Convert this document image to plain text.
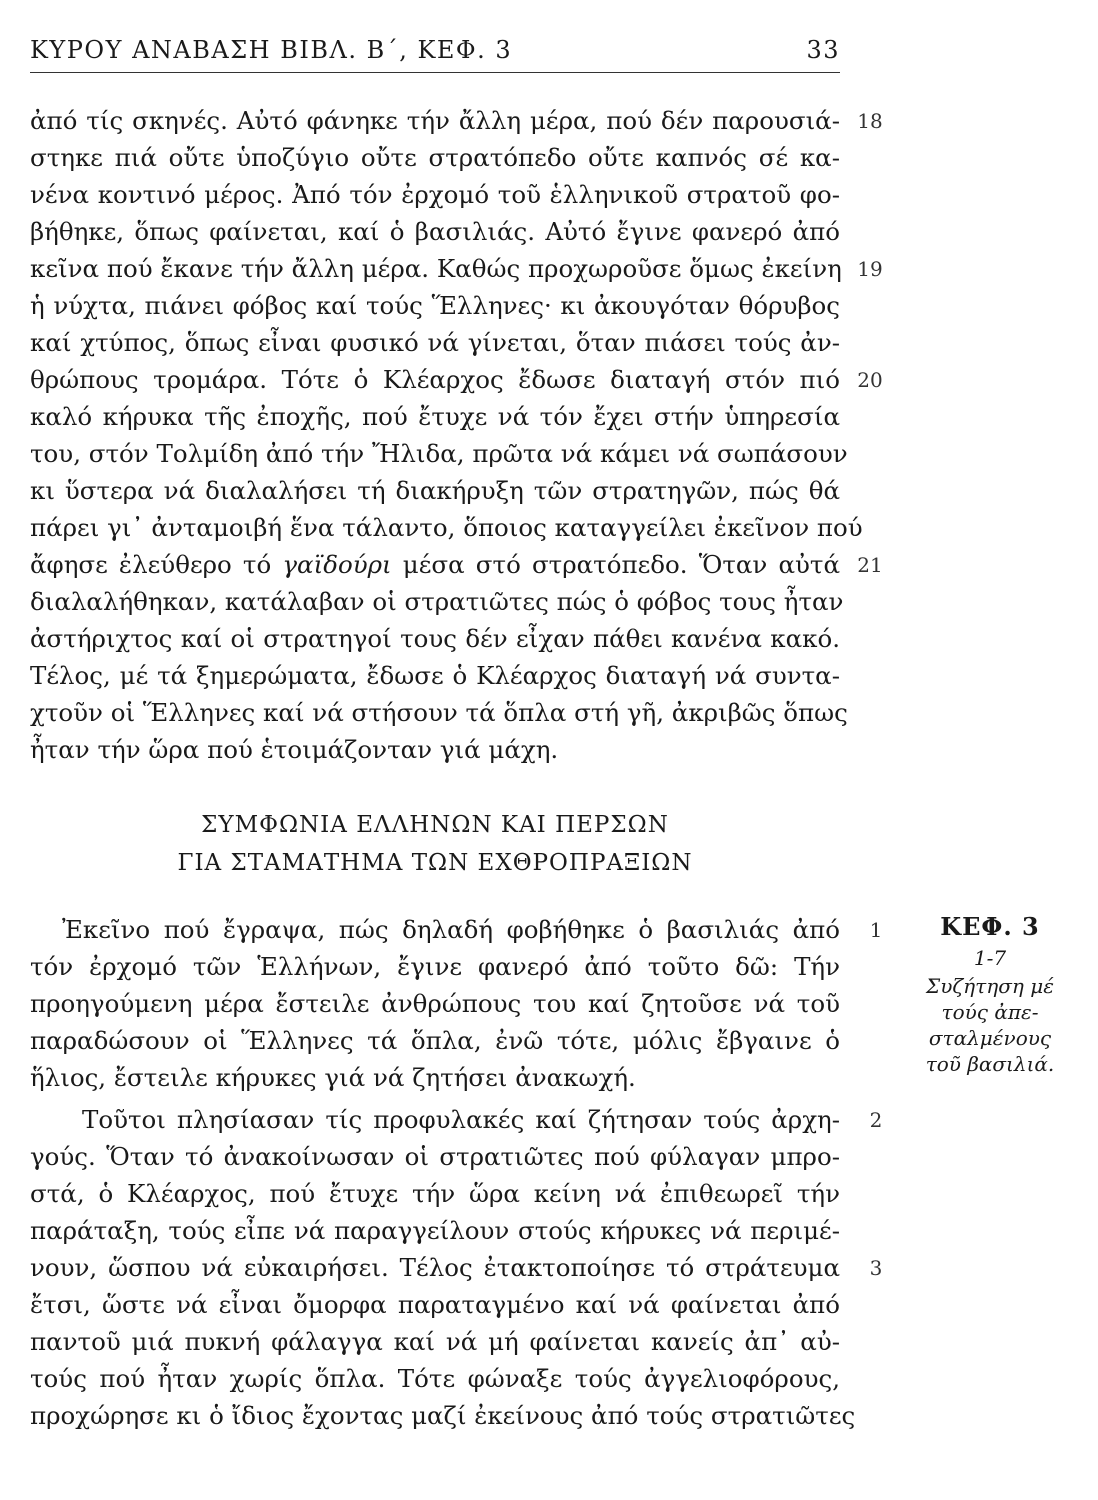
ΚΥΡΟΥ ΑΝΑΒΑΣΗ ΒΙΒΛ. Β΄, ΚΕΦ. 3	33
ἀπό τίς σκηνές. Αὐτό φάνηκε τήν ἄλλη μέρα, πού δέν παρουσιά-
στηκε πιά οὔτε ὑποζύγιο οὔτε στρατόπεδο οὔτε καπνός σέ κα-
νένα κοντινό μέρος. Ἀπό τόν ἐρχομό τοῦ ἑλληνικοῦ στρατοῦ φο-
βήθηκε, ὅπως φαίνεται, καί ὁ βασιλιάς. Αὐτό ἔγινε φανερό ἀπό
κεῖνα πού ἔκανε τήν ἄλλη μέρα. Καθώς προχωροῦσε ὅμως ἐκείνη
ἡ νύχτα, πιάνει φόβος καί τούς Ἕλληνες· κι ἀκουγόταν θόρυβος
καί χτύπος, ὅπως εἶναι φυσικό νά γίνεται, ὅταν πιάσει τούς ἀν-
θρώπους τρομάρα. Τότε ὁ Κλέαρχος ἔδωσε διαταγή στόν πιό
καλό κήρυκα τῆς ἐποχῆς, πού ἔτυχε νά τόν ἔχει στήν ὑπηρεσία
του, στόν Τολμίδη ἀπό τήν Ἤλιδα, πρῶτα νά κάμει νά σωπάσουν
κι ὕστερα νά διαλαλήσει τή διακήρυξη τῶν στρατηγῶν, πώς θά
πάρει γι᾿ ἀνταμοιβή ἕνα τάλαντο, ὅποιος καταγγείλει ἐκεῖνον πού
ἄφησε ἐλεύθερο τό γαϊδούρι μέσα στό στρατόπεδο. Ὅταν αὐτά
διαλαλήθηκαν, κατάλαβαν οἱ στρατιῶτες πώς ὁ φόβος τους ἦταν
ἀστήριχτος καί οἱ στρατηγοί τους δέν εἶχαν πάθει κανένα κακό.
Τέλος, μέ τά ξημερώματα, ἔδωσε ὁ Κλέαρχος διαταγή νά συντα-
χτοῦν οἱ Ἕλληνες καί νά στήσουν τά ὅπλα στή γῆ, ἀκριβῶς ὅπως
ἦταν τήν ὥρα πού ἑτοιμάζονταν γιά μάχη.
ΣΥΜΦΩΝΙΑ ΕΛΛΗΝΩΝ ΚΑΙ ΠΕΡΣΩΝ
ΓΙΑ ΣΤΑΜΑΤΗΜΑ ΤΩΝ ΕΧΘΡΟΠΡΑΞΙΩΝ
Ἐκεῖνο πού ἔγραψα, πώς δηλαδή φοβήθηκε ὁ βασιλιάς ἀπό
τόν ἐρχομό τῶν Ἑλλήνων, ἔγινε φανερό ἀπό τοῦτο δῶ: Τήν
προηγούμενη μέρα ἔστειλε ἀνθρώπους του καί ζητοῦσε νά τοῦ
παραδώσουν οἱ Ἕλληνες τά ὅπλα, ἐνῶ τότε, μόλις ἔβγαινε ὁ
ἥλιος, ἔστειλε κήρυκες γιά νά ζητήσει ἀνακωχή.
Τοῦτοι πλησίασαν τίς προφυλακές καί ζήτησαν τούς ἀρχη-
γούς. Ὅταν τό ἀνακοίνωσαν οἱ στρατιῶτες πού φύλαγαν μπρο-
στά, ὁ Κλέαρχος, πού ἔτυχε τήν ὥρα κείνη νά ἐπιθεωρεῖ τήν
παράταξη, τούς εἶπε νά παραγγείλουν στούς κήρυκες νά περιμέ-
νουν, ὥσπου νά εὐκαιρήσει. Τέλος ἐτακτοποίησε τό στράτευμα
ἔτσι, ὥστε νά εἶναι ὄμορφα παραταγμένο καί νά φαίνεται ἀπό
παντοῦ μιά πυκνή φάλαγγα καί νά μή φαίνεται κανείς ἀπ᾿ αὐ-
τούς πού ἦταν χωρίς ὅπλα. Τότε φώναξε τούς ἀγγελιοφόρους,
προχώρησε κι ὁ ἴδιος ἔχοντας μαζί ἐκείνους ἀπό τούς στρατιῶτες
18
19
20
21
1
2
3
ΚΕΦ. 3
1-7
Συζήτηση μέ
τούς ἀπε-
σταλμένους
τοῦ βασιλιά.
